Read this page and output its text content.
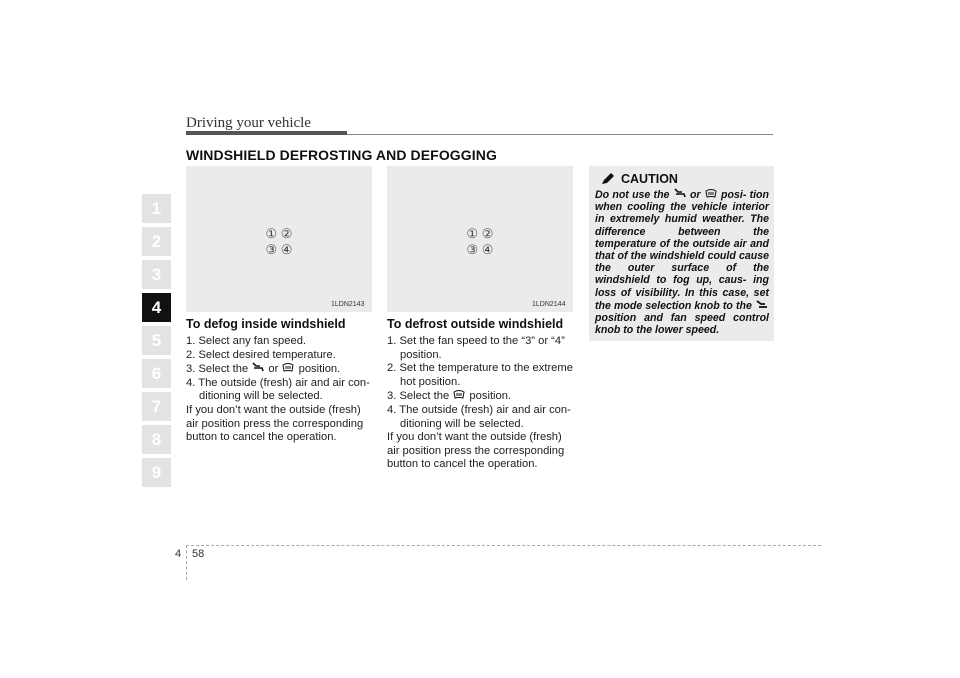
Driving your vehicle
WINDSHIELD DEFROSTING AND DEFOGGING
1
2
3
4
5
6
7
8
9
① ②
③ ④
1LDN2143
① ②
③ ④
1LDN2144
To defog inside windshield

1. Select any fan speed.

2. Select desired temperature.

3. Select the or position.

4. The outside (fresh) air and air con- ditioning will be selected.

If you don’t want the outside (fresh) air position press the corresponding button to cancel the operation.

To defrost outside windshield

1. Set the fan speed to the “3” or “4” position.

2. Set the temperature to the extreme hot position.

3. Select the position.

4. The outside (fresh) air and air con- ditioning will be selected.

If you don’t want the outside (fresh) air position press the corresponding button to cancel the operation.

CAUTION
Do not use the or posi- tion when cooling the vehicle interior in extremely humid weather. The difference between the temperature of the outside air and that of the windshield could cause the outer surface of the windshield to fog up, caus- ing loss of visibility. In this case, set the mode selection knob to the  position and fan speed control knob to the lower speed.
4 58
